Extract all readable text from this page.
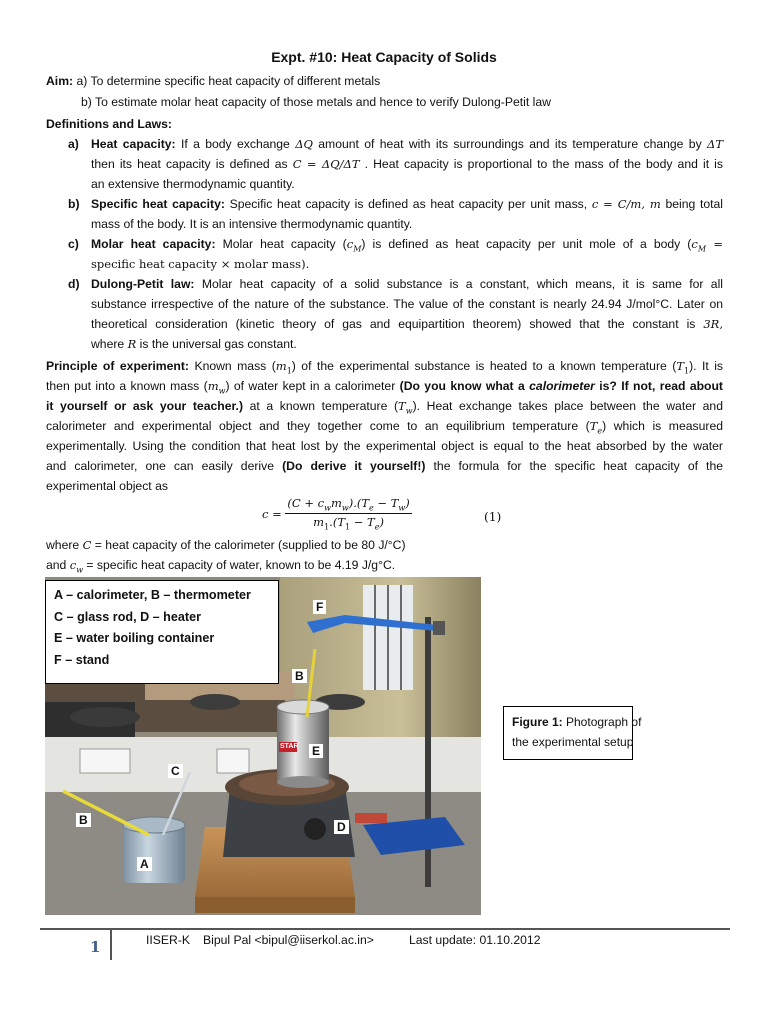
Expt. #10: Heat Capacity of Solids
Aim: a) To determine specific heat capacity of different metals
b) To estimate molar heat capacity of those metals and hence to verify Dulong-Petit law
Definitions and Laws:
a) Heat capacity: If a body exchange ΔQ amount of heat with its surroundings and its temperature change by ΔT
then its heat capacity is defined as C = ΔQ/ΔT . Heat capacity is proportional to the mass of the body and it is
an extensive thermodynamic quantity.
b) Specific heat capacity: Specific heat capacity is defined as heat capacity per unit mass, c = C/m, m being total
mass of the body. It is an intensive thermodynamic quantity.
c) Molar heat capacity: Molar heat capacity $(c_M)$ is defined as heat capacity per unit mole of a body ($c_M$ =
specific heat capacity × molar mass).
d) Dulong-Petit law: Molar heat capacity of a solid substance is a constant, which means, it is same for all
substance irrespective of the nature of the substance. The value of the constant is nearly 24.94 J/mol°C. Later on
theoretical consideration (kinetic theory of gas and equipartition theorem) showed that the constant is 3R,
where R is the universal gas constant.
Principle of experiment: Known mass $(m_1)$ of the experimental substance is heated to a known temperature $(T_1)$. It is
then put into a known mass $(m_w)$ of water kept in a calorimeter (Do you know what a calorimeter is? If not, read about
it yourself or ask your teacher.) at a known temperature $(T_w)$. Heat exchange takes place between the water and
calorimeter and experimental object and they together come to an equilibrium temperature $(T_e)$ which is measured
experimentally. Using the condition that heat lost by the experimental object is equal to the heat absorbed by the water
and calorimeter, one can easily derive (Do derive it yourself!) the formula for the specific heat capacity of the
experimental object as
$c = \frac{(C + c_wm_w).(T_e - T_w)}{m_1.(T_1 - T_e)}$	(1)
where C = heat capacity of the calorimeter (supplied to be 80 J/°C)
and $c_w$ = specific heat capacity of water, known to be 4.19 J/g°C.
A
B
B
C
D
E
F
STAR
A – calorimeter, B – thermometer
C – glass rod, D – heater
E – water boiling container
F – stand
Figure 1: Photograph of
the experimental setup
1	IISER-K Bipul Pal <bipul@iiserkol.ac.in>	Last update: 01.10.2012
